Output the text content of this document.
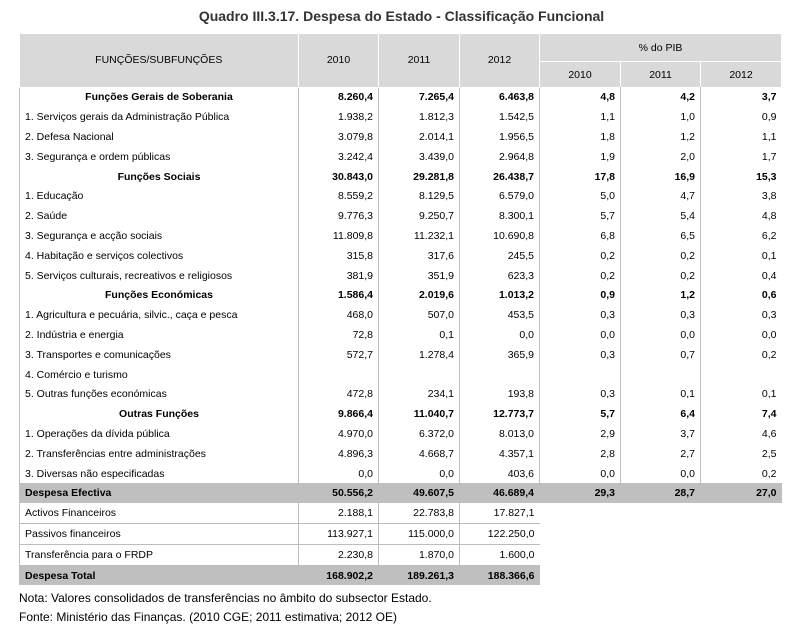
Quadro III.3.17. Despesa do Estado - Classificação Funcional
FUNÇÕES/SUBFUNÇÕES	2010	2011	2012	% do PIB		
				2010	2011	2012
Funções Gerais de Soberania	8.260,4	7.265,4	6.463,8	4,8	4,2	3,7
1. Serviços gerais da Administração Pública	1.938,2	1.812,3	1.542,5	1,1	1,0	0,9
2. Defesa Nacional	3.079,8	2.014,1	1.956,5	1,8	1,2	1,1
3. Segurança e ordem públicas	3.242,4	3.439,0	2.964,8	1,9	2,0	1,7
Funções Sociais	30.843,0	29.281,8	26.438,7	17,8	16,9	15,3
1. Educação	8.559,2	8.129,5	6.579,0	5,0	4,7	3,8
2. Saúde	9.776,3	9.250,7	8.300,1	5,7	5,4	4,8
3. Segurança e acção sociais	11.809,8	11.232,1	10.690,8	6,8	6,5	6,2
4. Habitação e serviços colectivos	315,8	317,6	245,5	0,2	0,2	0,1
5. Serviços culturais, recreativos e religiosos	381,9	351,9	623,3	0,2	0,2	0,4
Funções Económicas	1.586,4	2.019,6	1.013,2	0,9	1,2	0,6
1. Agricultura e pecuária, silvic., caça e pesca	468,0	507,0	453,5	0,3	0,3	0,3
2. Indústria e energia	72,8	0,1	0,0	0,0	0,0	0,0
3. Transportes e comunicações	572,7	1.278,4	365,9	0,3	0,7	0,2
4. Comércio e turismo						
5. Outras funções económicas	472,8	234,1	193,8	0,3	0,1	0,1
Outras Funções	9.866,4	11.040,7	12.773,7	5,7	6,4	7,4
1. Operações da dívida pública	4.970,0	6.372,0	8.013,0	2,9	3,7	4,6
2. Transferências entre administrações	4.896,3	4.668,7	4.357,1	2,8	2,7	2,5
3. Diversas não especificadas	0,0	0,0	403,6	0,0	0,0	0,2
Despesa Efectiva	50.556,2	49.607,5	46.689,4	29,3	28,7	27,0
Activos Financeiros	2.188,1	22.783,8	17.827,1			
Passivos financeiros	113.927,1	115.000,0	122.250,0			
Transferência para o FRDP	2.230,8	1.870,0	1.600,0			
Despesa Total	168.902,2	189.261,3	188.366,6			
Nota: Valores consolidados de transferências no âmbito do subsector Estado.
Fonte: Ministério das Finanças. (2010 CGE; 2011 estimativa; 2012 OE)
